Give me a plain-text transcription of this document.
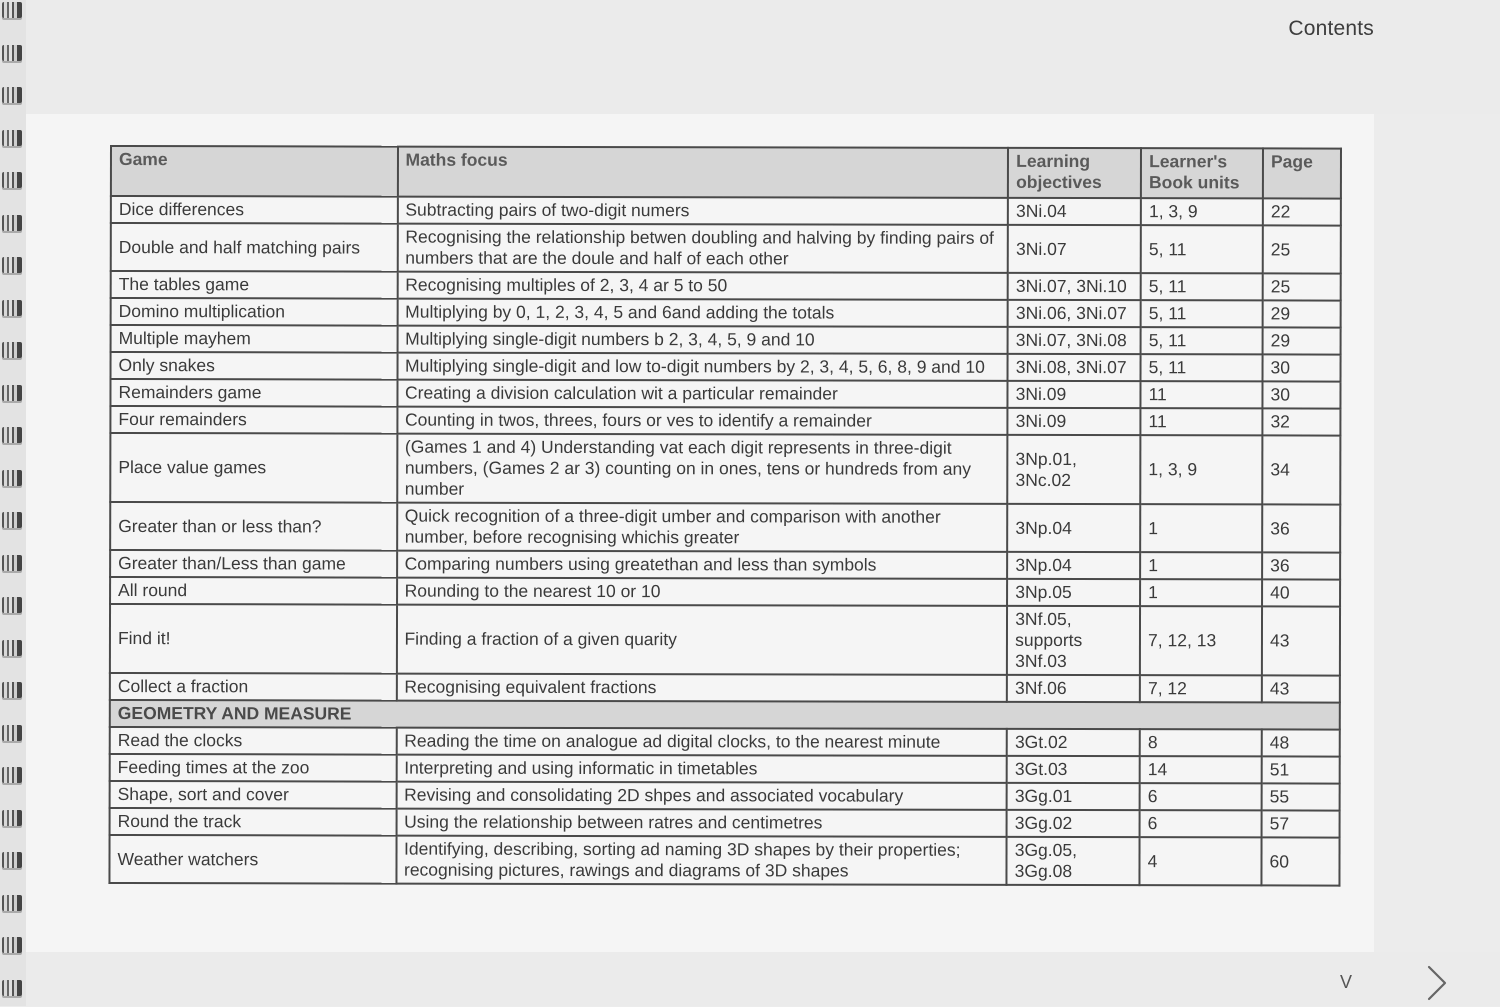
Contents
Game	Maths focus	Learning objectives	Learner's Book units	Page
Dice differences	Subtracting pairs of two-digit numers	3Ni.04	1, 3, 9	22
Double and half matching pairs	Recognising the relationship betwen doubling and halving by finding pairs of numbers that are the doule and half of each other	3Ni.07	5, 11	25
The tables game	Recognising multiples of 2, 3, 4 ar 5 to 50	3Ni.07, 3Ni.10	5, 11	25
Domino multiplication	Multiplying by 0, 1, 2, 3, 4, 5 and 6and adding the totals	3Ni.06, 3Ni.07	5, 11	29
Multiple mayhem	Multiplying single-digit numbers b 2, 3, 4, 5, 9 and 10	3Ni.07, 3Ni.08	5, 11	29
Only snakes	Multiplying single-digit and low to-digit numbers by 2, 3, 4, 5, 6, 8, 9 and 10	3Ni.08, 3Ni.07	5, 11	30
Remainders game	Creating a division calculation wit a particular remainder	3Ni.09	11	30
Four remainders	Counting in twos, threes, fours or ves to identify a remainder	3Ni.09	11	32
Place value games	(Games 1 and 4) Understanding vat each digit represents in three-digit numbers, (Games 2 ar 3) counting on in ones, tens or hundreds from any number	3Np.01, 3Nc.02	1, 3, 9	34
Greater than or less than?	Quick recognition of a three-digit umber and comparison with another number, before recognising whichis greater	3Np.04	1	36
Greater than/Less than game	Comparing numbers using greatethan and less than symbols	3Np.04	1	36
All round	Rounding to the nearest 10 or 10	3Np.05	1	40
Find it!	Finding a fraction of a given quarity	3Nf.05, supports 3Nf.03	7, 12, 13	43
Collect a fraction	Recognising equivalent fractions	3Nf.06	7, 12	43
GEOMETRY AND MEASURE				
Read the clocks	Reading the time on analogue ad digital clocks, to the nearest minute	3Gt.02	8	48
Feeding times at the zoo	Interpreting and using informatic in timetables	3Gt.03	14	51
Shape, sort and cover	Revising and consolidating 2D shpes and associated vocabulary	3Gg.01	6	55
Round the track	Using the relationship between ratres and centimetres	3Gg.02	6	57
Weather watchers	Identifying, describing, sorting ad naming 3D shapes by their properties; recognising pictures, rawings and diagrams of 3D shapes	3Gg.05, 3Gg.08	4	60
V
